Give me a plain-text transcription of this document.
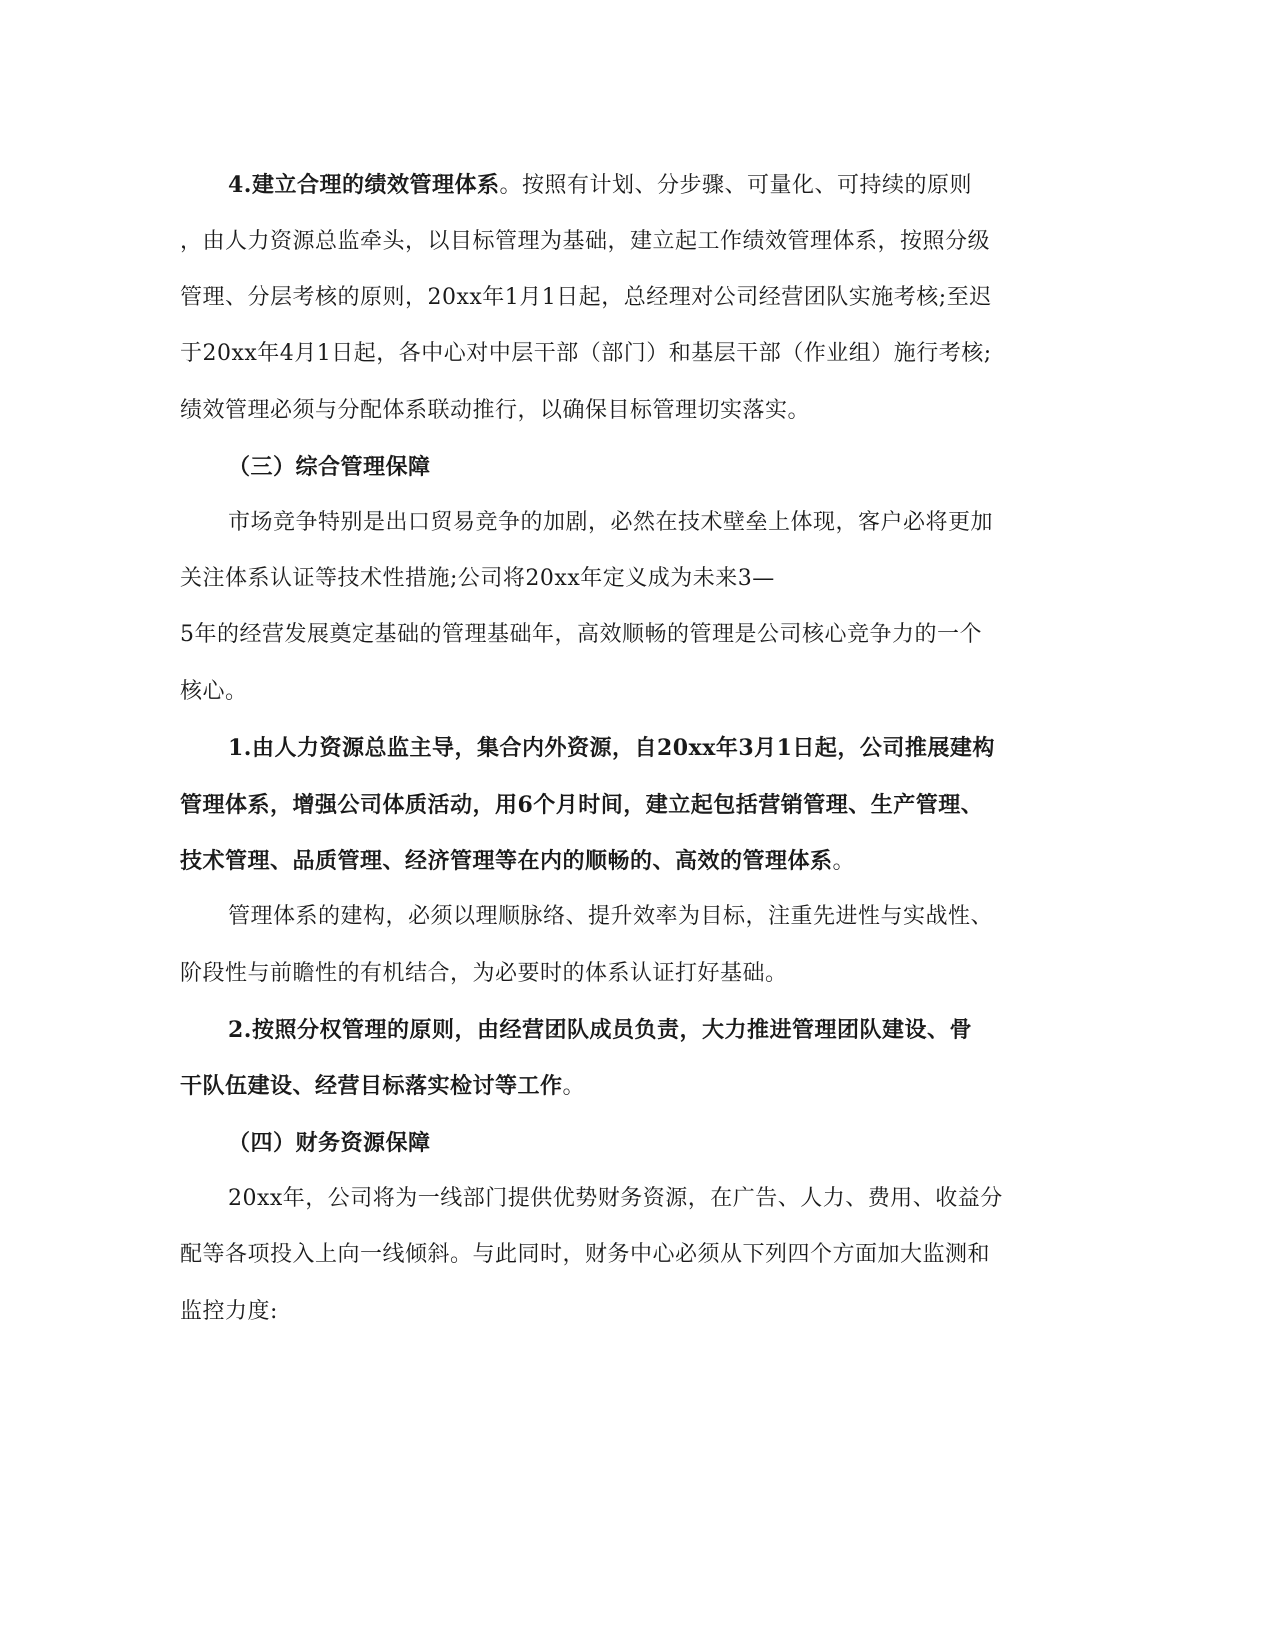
4.建立合理的绩效管理体系。按照有计划、分步骤、可量化、可持续的原则
，由人力资源总监牵头，以目标管理为基础，建立起工作绩效管理体系，按照分级
管理、分层考核的原则，20xx年1月1日起，总经理对公司经营团队实施考核;至迟
于20xx年4月1日起，各中心对中层干部（部门）和基层干部（作业组）施行考核;
绩效管理必须与分配体系联动推行，以确保目标管理切实落实。
（三）综合管理保障
市场竞争特别是出口贸易竞争的加剧，必然在技术壁垒上体现，客户必将更加
关注体系认证等技术性措施;公司将20xx年定义成为未来3—
5年的经营发展奠定基础的管理基础年，高效顺畅的管理是公司核心竞争力的一个
核心。
1.由人力资源总监主导，集合内外资源，自20xx年3月1日起，公司推展建构
管理体系，增强公司体质活动，用6个月时间，建立起包括营销管理、生产管理、
技术管理、品质管理、经济管理等在内的顺畅的、高效的管理体系。
管理体系的建构，必须以理顺脉络、提升效率为目标，注重先进性与实战性、
阶段性与前瞻性的有机结合，为必要时的体系认证打好基础。
2.按照分权管理的原则，由经营团队成员负责，大力推进管理团队建设、骨
干队伍建设、经营目标落实检讨等工作。
（四）财务资源保障
20xx年，公司将为一线部门提供优势财务资源，在广告、人力、费用、收益分
配等各项投入上向一线倾斜。与此同时，财务中心必须从下列四个方面加大监测和
监控力度:
